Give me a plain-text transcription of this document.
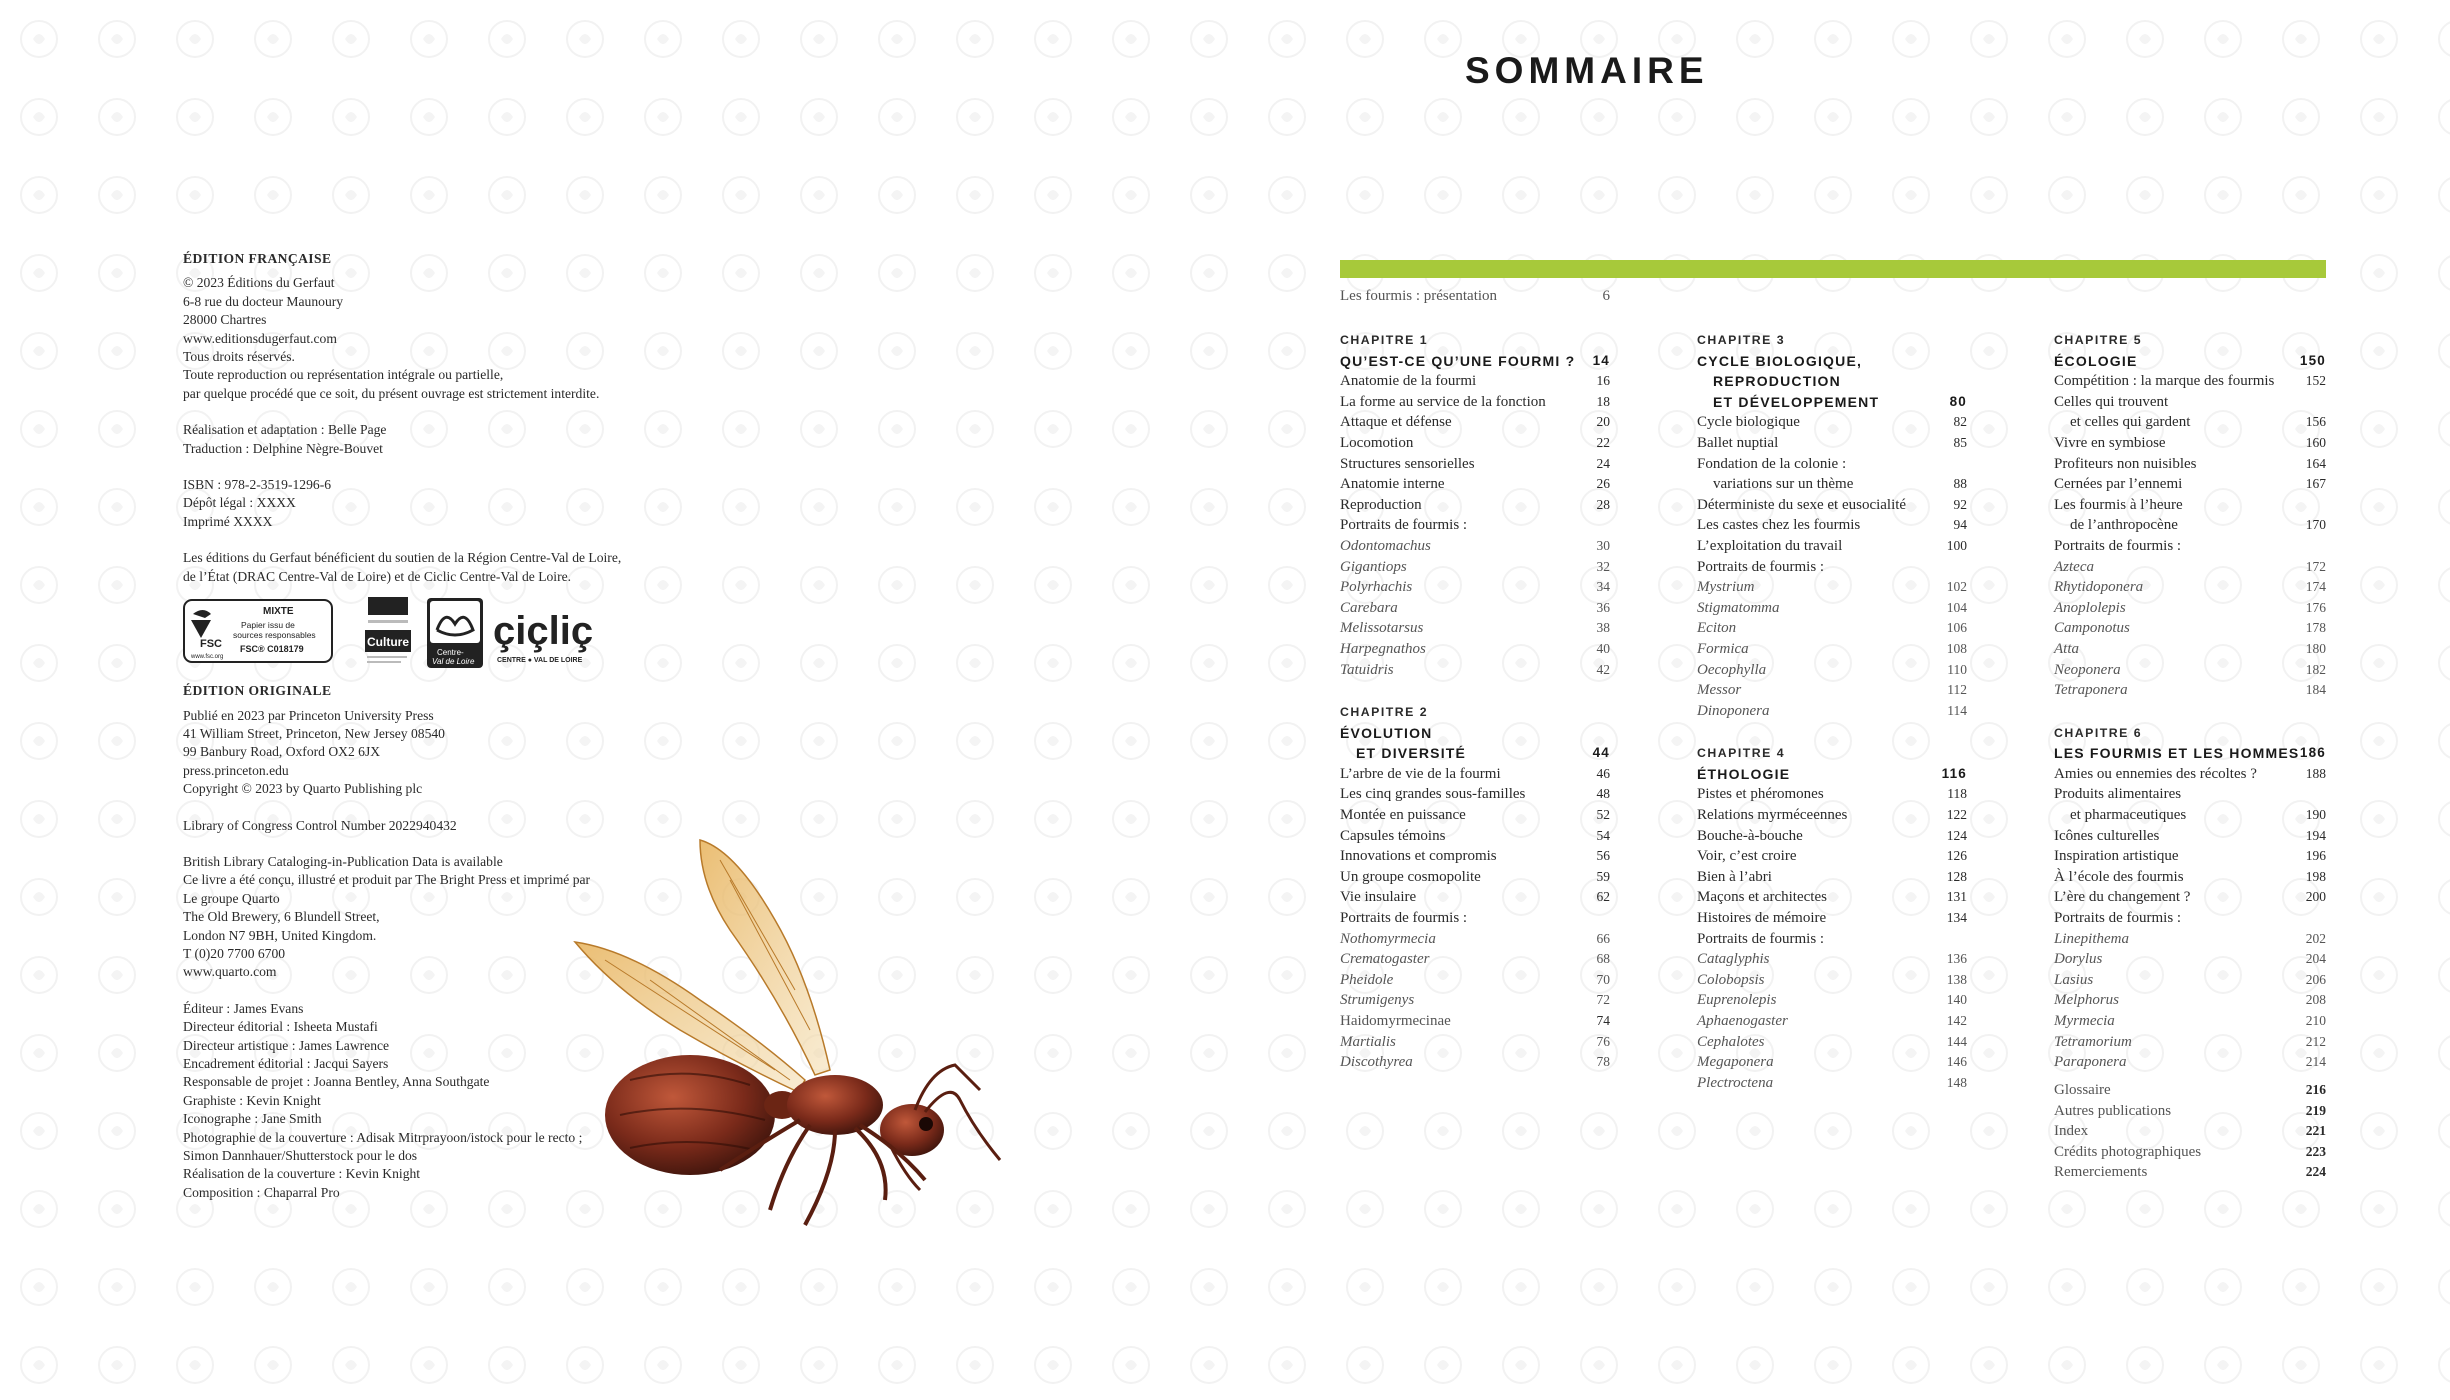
ÉDITION FRANÇAISE
© 2023 Éditions du Gerfaut
6-8 rue du docteur Maunoury
28000 Chartres
www.editionsdugerfaut.com
Tous droits réservés.
Toute reproduction ou représentation intégrale ou partielle,
par quelque procédé que ce soit, du présent ouvrage est strictement interdite.
Réalisation et adaptation : Belle Page
Traduction : Delphine Nègre-Bouvet
ISBN : 978-2-3519-1296-6
Dépôt légal : XXXX
Imprimé XXXX
Les éditions du Gerfaut bénéficient du soutien de la Région Centre-Val de Loire,
de l’État (DRAC Centre-Val de Loire) et de Ciclic Centre-Val de Loire.
FSC
www.fsc.org
MIXTE
Papier issu de
sources responsables
FSC® C018179	Culture
Centre-
Val de Loire
çiçliç
CENTRE ● VAL DE LOIRE
ÉDITION ORIGINALE
Publié en 2023 par Princeton University Press
41 William Street, Princeton, New Jersey 08540
99 Banbury Road, Oxford OX2 6JX
press.princeton.edu
Copyright © 2023 by Quarto Publishing plc
Library of Congress Control Number 2022940432
British Library Cataloging-in-Publication Data is available
Ce livre a été conçu, illustré et produit par The Bright Press et imprimé par
Le groupe Quarto
The Old Brewery, 6 Blundell Street,
London N7 9BH, United Kingdom.
T (0)20 7700 6700
www.quarto.com
Éditeur : James Evans
Directeur éditorial : Isheeta Mustafi
Directeur artistique : James Lawrence
Encadrement éditorial : Jacqui Sayers
Responsable de projet : Joanna Bentley, Anna Southgate
Graphiste : Kevin Knight
Iconographe : Jane Smith
Photographie de la couverture : Adisak Mitrprayoon/istock pour le recto ;
Simon Dannhauer/Shutterstock pour le dos
Réalisation de la couverture : Kevin Knight
Composition : Chaparral Pro
SOMMAIRE
Les fourmis : présentation	6
CHAPITRE 1
QU’EST-CE QU’UNE FOURMI ? 14
Anatomie de la fourmi	16
La forme au service de la fonction	18
Attaque et défense	20
Locomotion	22
Structures sensorielles	24
Anatomie interne	26
Reproduction	28
Portraits de fourmis :
Odontomachus	30
Gigantiops	32
Polyrhachis	34
Carebara	36
Melissotarsus	38
Harpegnathos	40
Tatuidris	42
CHAPITRE 2
ÉVOLUTION
ET DIVERSITÉ	44
L’arbre de vie de la fourmi	46
Les cinq grandes sous-familles	48
Montée en puissance	52
Capsules témoins	54
Innovations et compromis	56
Un groupe cosmopolite	59
Vie insulaire	62
Portraits de fourmis :
Nothomyrmecia	66
Crematogaster	68
Pheidole	70
Strumigenys	72
Haidomyrmecinae	74
Martialis	76
Discothyrea	78
CHAPITRE 3
CYCLE BIOLOGIQUE,
REPRODUCTION
ET DÉVELOPPEMENT	80
Cycle biologique	82
Ballet nuptial	85
Fondation de la colonie :
variations sur un thème	88
Déterministe du sexe et eusocialité	92
Les castes chez les fourmis	94
L’exploitation du travail	100
Portraits de fourmis :
Mystrium	102
Stigmatomma	104
Eciton	106
Formica	108
Oecophylla	110
Messor	112
Dinoponera	114
CHAPITRE 4
ÉTHOLOGIE	116
Pistes et phéromones	118
Relations myrméceennes	122
Bouche-à-bouche	124
Voir, c’est croire	126
Bien à l’abri	128
Maçons et architectes	131
Histoires de mémoire	134
Portraits de fourmis :
Cataglyphis	136
Colobopsis	138
Euprenolepis	140
Aphaenogaster	142
Cephalotes	144
Megaponera	146
Plectroctena	148
CHAPITRE 5
ÉCOLOGIE	150
Compétition : la marque des fourmis 152
Celles qui trouvent
et celles qui gardent	156
Vivre en symbiose	160
Profiteurs non nuisibles	164
Cernées par l’ennemi	167
Les fourmis à l’heure
de l’anthropocène	170
Portraits de fourmis :
Azteca	172
Rhytidoponera	174
Anoplolepis	176
Camponotus	178
Atta	180
Neoponera	182
Tetraponera	184
CHAPITRE 6
LES FOURMIS ET LES HOMMES 186
Amies ou ennemies des récoltes ?	188
Produits alimentaires
et pharmaceutiques	190
Icônes culturelles	194
Inspiration artistique	196
À l’école des fourmis	198
L’ère du changement ?	200
Portraits de fourmis :
Linepithema	202
Dorylus	204
Lasius	206
Melphorus	208
Myrmecia	210
Tetramorium	212
Paraponera	214
Glossaire	216
Autres publications	219
Index	221
Crédits photographiques	223
Remerciements	224
